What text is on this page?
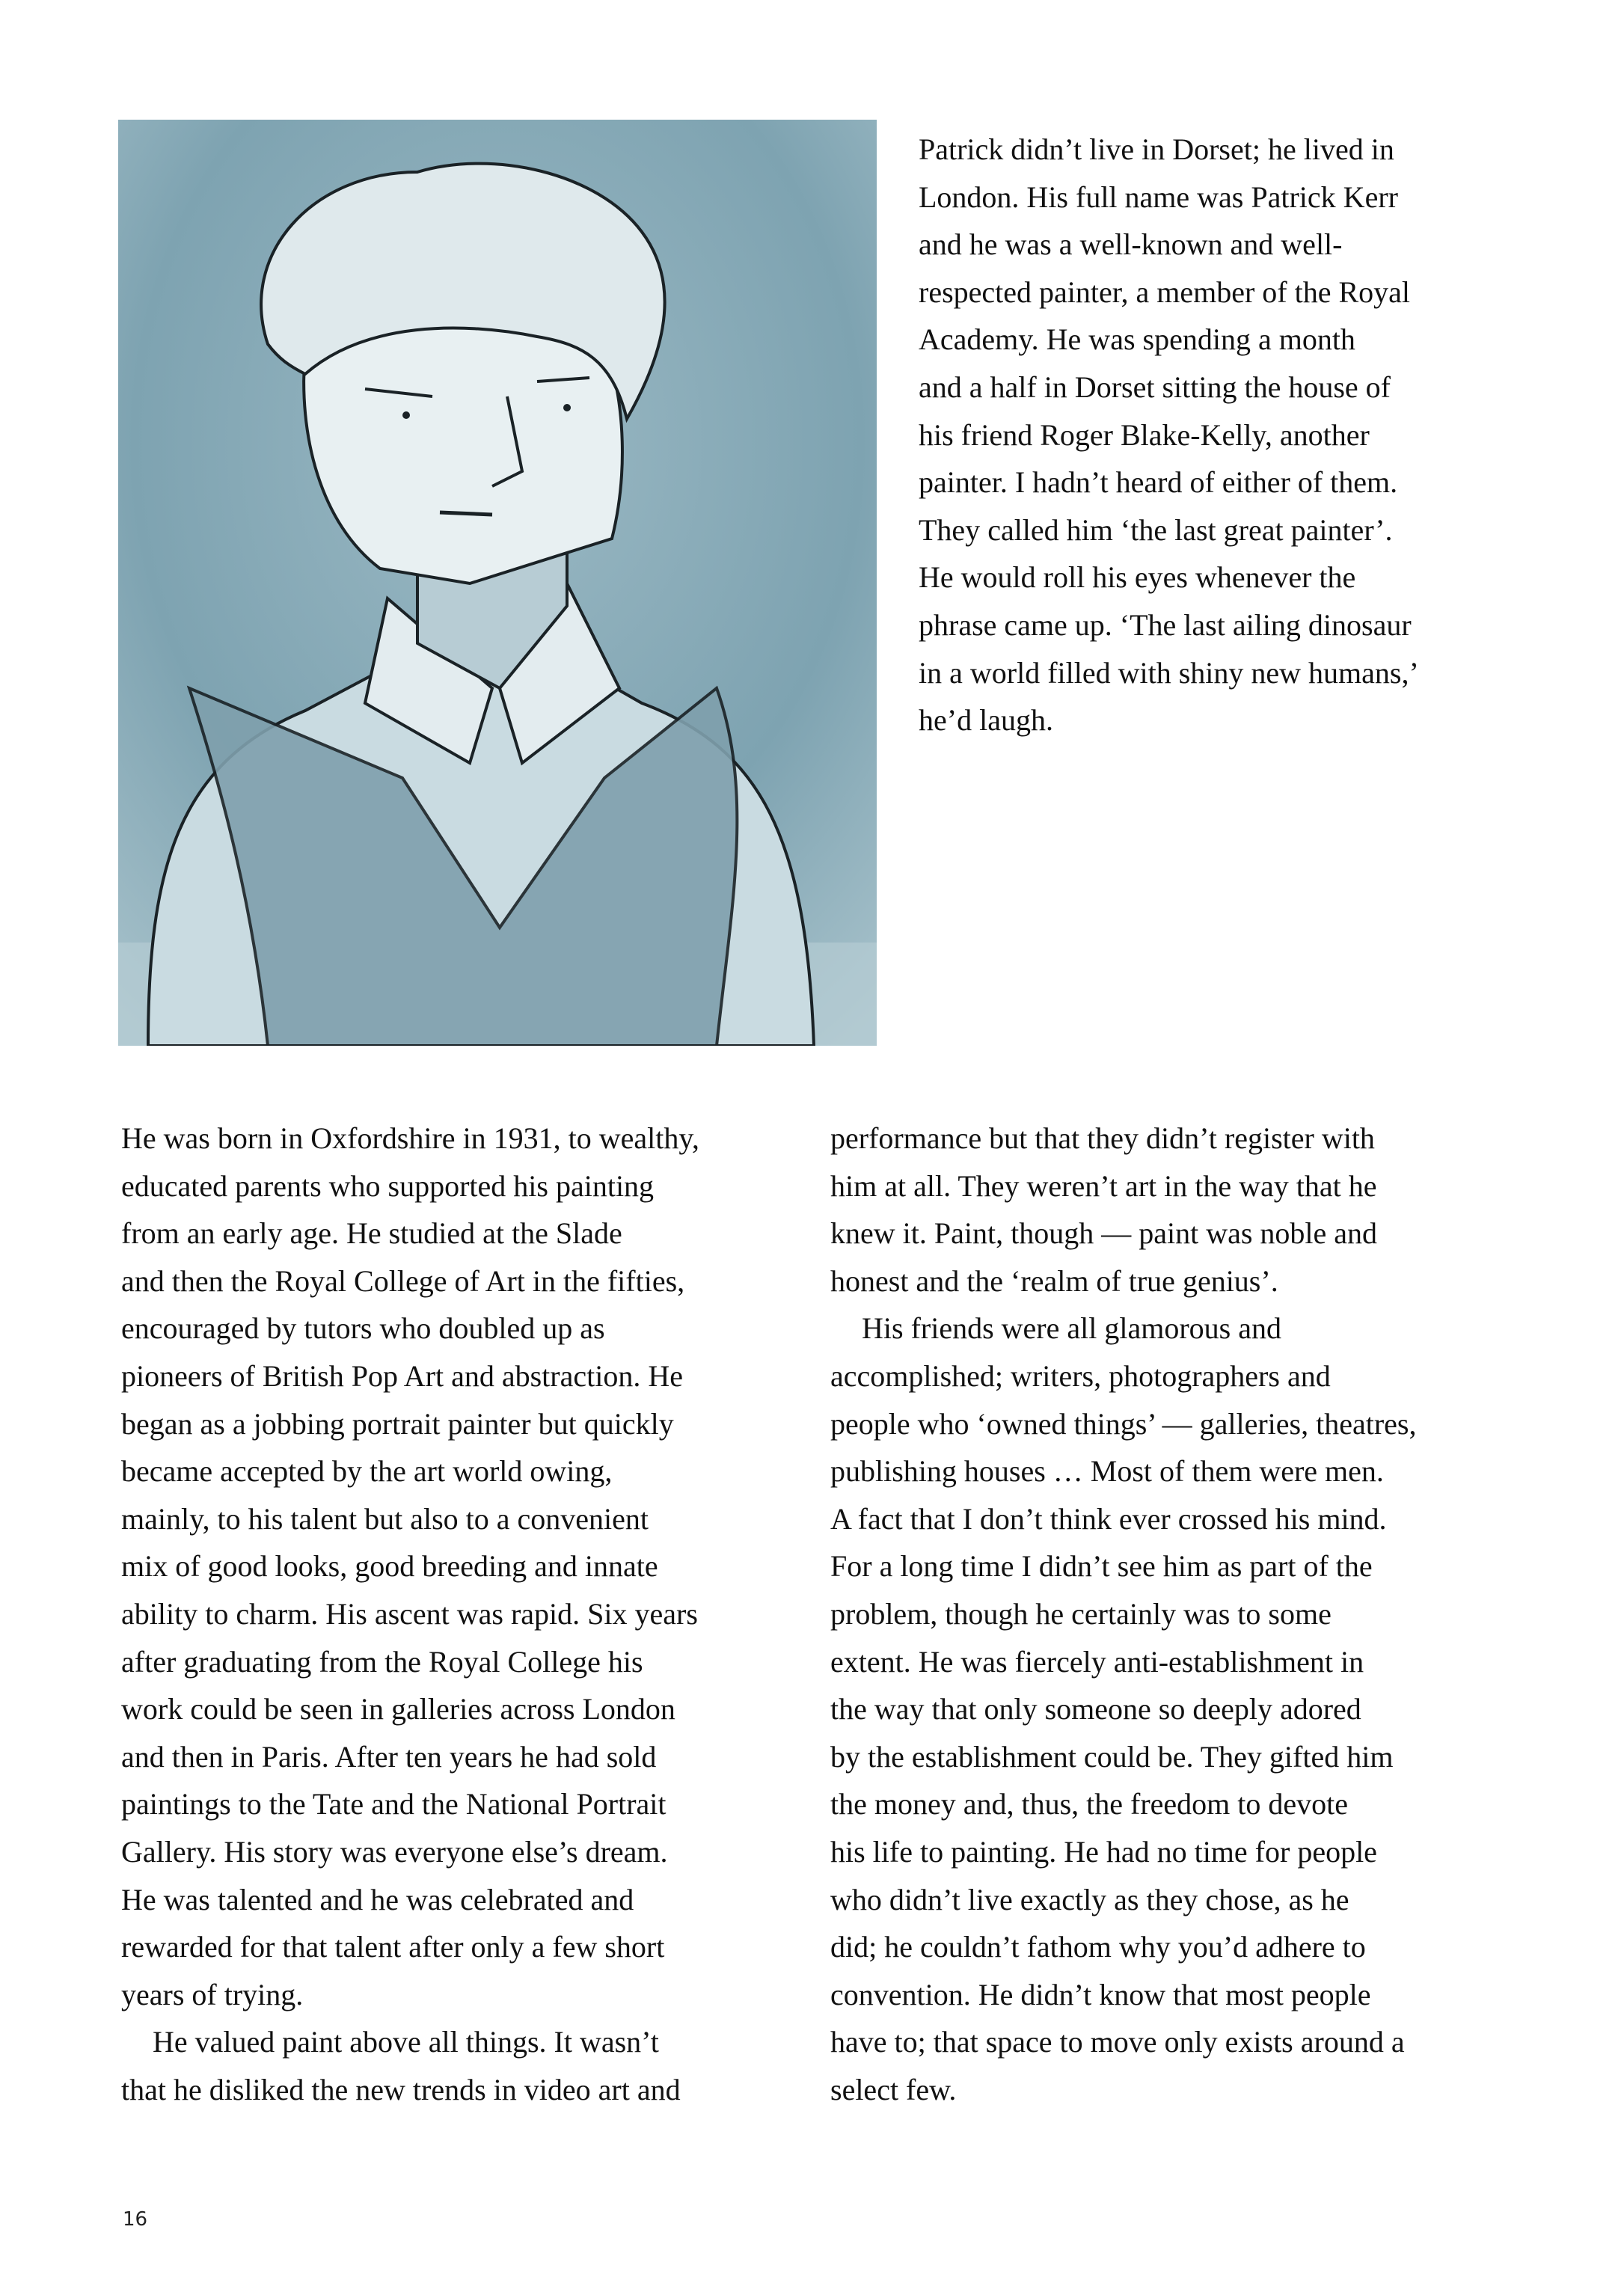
Patrick didn’t live in Dorset; he lived in
London. His full name was Patrick Kerr
and he was a well-known and well-
respected painter, a member of the Royal
Academy. He was spending a month
and a half in Dorset sitting the house of
his friend Roger Blake-Kelly, another
painter. I hadn’t heard of either of them.
They called him ‘the last great painter’.
He would roll his eyes whenever the
phrase came up. ‘The last ailing dinosaur
in a world filled with shiny new humans,’
he’d laugh.
He was born in Oxfordshire in 1931, to wealthy,
educated parents who supported his painting
from an early age. He studied at the Slade
and then the Royal College of Art in the fifties,
encouraged by tutors who doubled up as
pioneers of British Pop Art and abstraction. He
began as a jobbing portrait painter but quickly
became accepted by the art world owing,
mainly, to his talent but also to a convenient
mix of good looks, good breeding and innate
ability to charm. His ascent was rapid. Six years
after graduating from the Royal College his
work could be seen in galleries across London
and then in Paris. After ten years he had sold
paintings to the Tate and the National Portrait
Gallery. His story was everyone else’s dream.
He was talented and he was celebrated and
rewarded for that talent after only a few short
years of trying.
He valued paint above all things. It wasn’t
that he disliked the new trends in video art and
performance but that they didn’t register with
him at all. They weren’t art in the way that he
knew it. Paint, though — paint was noble and
honest and the ‘realm of true genius’.
His friends were all glamorous and
accomplished; writers, photographers and
people who ‘owned things’ — galleries, theatres,
publishing houses … Most of them were men.
A fact that I don’t think ever crossed his mind.
For a long time I didn’t see him as part of the
problem, though he certainly was to some
extent. He was fiercely anti-establishment in
the way that only someone so deeply adored
by the establishment could be. They gifted him
the money and, thus, the freedom to devote
his life to painting. He had no time for people
who didn’t live exactly as they chose, as he
did; he couldn’t fathom why you’d adhere to
convention. He didn’t know that most people
have to; that space to move only exists around a
select few.
16
